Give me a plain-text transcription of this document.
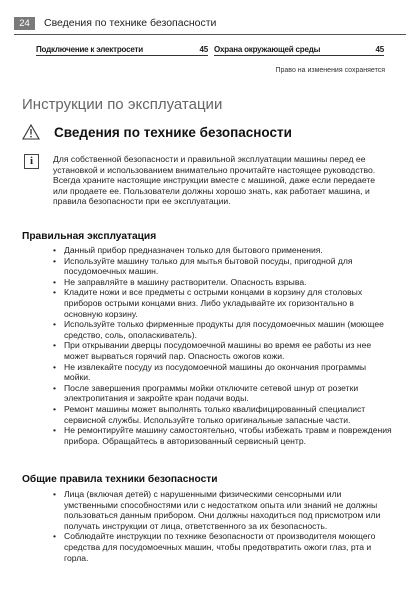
24	Сведения по технике безопасности
Подключение к электросети	45 Охрана окружающей среды	45
Право на изменения сохраняется
Инструкции по эксплуатации
Сведения по технике безопасности
i	Для собственной безопасности и правильной эксплуатации машины перед ее установкой и использованием внимательно прочитайте настоящее руководство. Всегда храните настоящие инструкции вместе с машиной, даже если передаете или продаете ее. Пользователи должны хорошо знать, как работает машина, и правила безопасности при ее эксплуатации.

Правильная эксплуатация
• Данный прибор предназначен только для бытового применения.
• Используйте машину только для мытья бытовой посуды, пригодной для посудомоечных машин.
• Не заправляйте в машину растворители. Опасность взрыва.
• Кладите ножи и все предметы с острыми концами в корзину для столовых приборов острыми концами вниз. Либо укладывайте их горизонтально в основную корзину.
• Используйте только фирменные продукты для посудомоечных машин (моющее средство, соль, ополаскиватель).
• При открывании дверцы посудомоечной машины во время ее работы из нее может вырваться горячий пар. Опасность ожогов кожи.
• Не извлекайте посуду из посудомоечной машины до окончания программы мойки.
• После завершения программы мойки отключите сетевой шнур от розетки электропитания и закройте кран подачи воды.
• Ремонт машины может выполнять только квалифицированный специалист сервисной службы. Используйте только оригинальные запасные части.
• Не ремонтируйте машину самостоятельно, чтобы избежать травм и повреждения прибора. Обращайтесь в авторизованный сервисный центр.
Общие правила техники безопасности
• Лица (включая детей) с нарушенными физическими сенсорными или умственными способностями или с недостатком опыта или знаний не должны пользоваться данным прибором. Они должны находиться под присмотром или получать инструкции от лица, ответственного за их безопасность.
• Соблюдайте инструкции по технике безопасности от производителя моющего средства для посудомоечных машин, чтобы предотвратить ожоги глаз, рта и горла.
